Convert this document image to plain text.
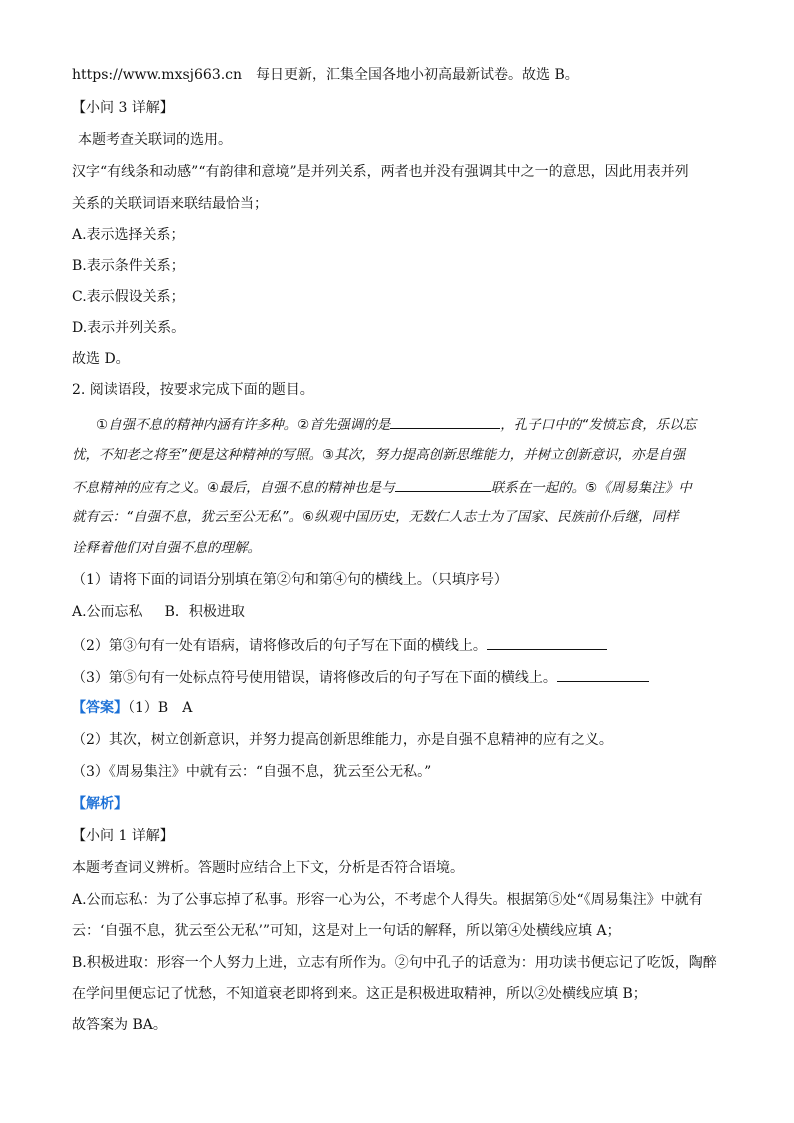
https://www.mxsj663.cn　每日更新，汇集全国各地小初高最新试卷。故选 B。
【小问 3 详解】
本题考查关联词的选用。
汉字“有线条和动感”“有韵律和意境”是并列关系，两者也并没有强调其中之一的意思，因此用表并列
关系的关联词语来联结最恰当；
A.表示选择关系；
B.表示条件关系；
C.表示假设关系；
D.表示并列关系。
故选 D。
2. 阅读语段，按要求完成下面的题目。
①自强不息的精神内涵有许多种。②首先强调的是	，孔子口中的“发愤忘食，乐以忘
忧，不知老之将至”便是这种精神的写照。③其次，努力提高创新思维能力，并树立创新意识，亦是自强
不息精神的应有之义。④最后，自强不息的精神也是与	联系在一起的。⑤《周易集注》中
就有云：“自强不息，犹云至公无私”。⑥纵观中国历史，无数仁人志士为了国家、民族前仆后继，同样
诠释着他们对自强不息的理解。
（1）请将下面的词语分别填在第②句和第④句的横线上。（只填序号）
A.公而忘私 B．积极进取
（2）第③句有一处有语病，请将修改后的句子写在下面的横线上。
（3）第⑤句有一处标点符号使用错误，请将修改后的句子写在下面的横线上。
【答案】（1）B　A
（2）其次，树立创新意识，并努力提高创新思维能力，亦是自强不息精神的应有之义。
（3）《周易集注》中就有云：“自强不息，犹云至公无私。”
【解析】
【小问 1 详解】
本题考查词义辨析。答题时应结合上下文，分析是否符合语境。
A.公而忘私：为了公事忘掉了私事。形容一心为公，不考虑个人得失。根据第⑤处“《周易集注》中就有
云：‘自强不息，犹云至公无私’”可知，这是对上一句话的解释，所以第④处横线应填 A；
B.积极进取：形容一个人努力上进，立志有所作为。②句中孔子的话意为：用功读书便忘记了吃饭，陶醉
在学问里便忘记了忧愁，不知道衰老即将到来。这正是积极进取精神，所以②处横线应填 B；
故答案为 BA。
